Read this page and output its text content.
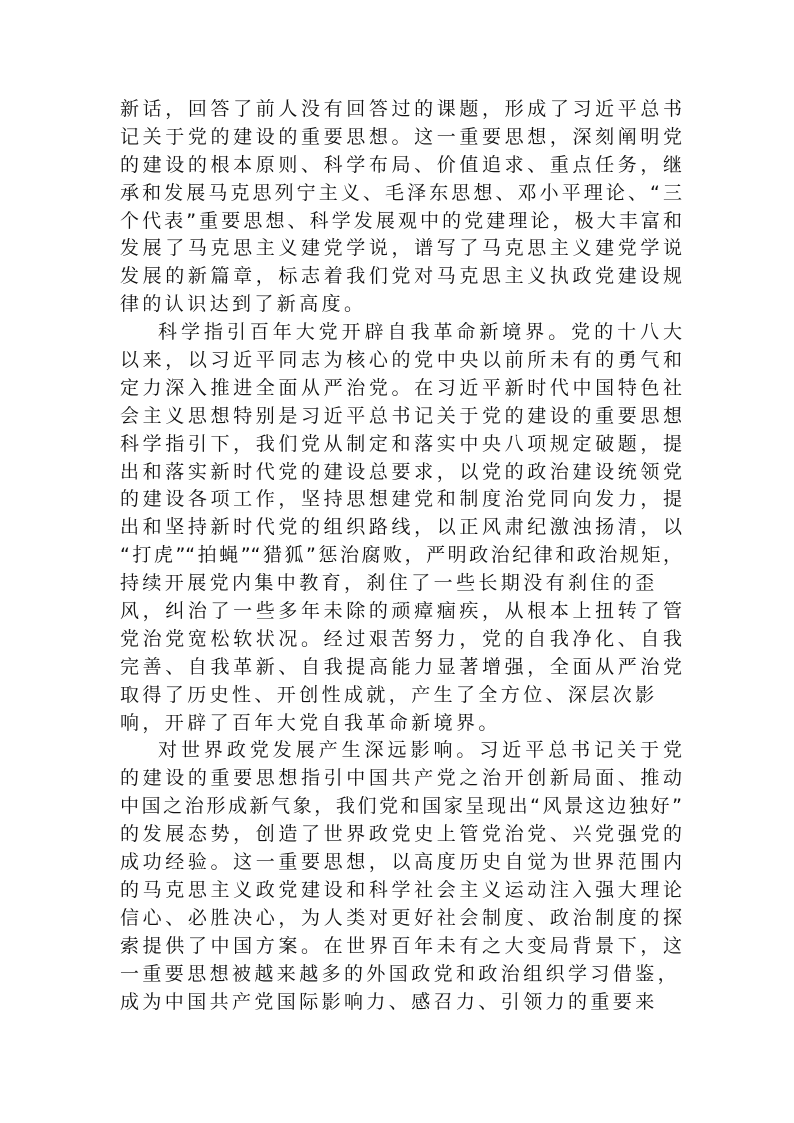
新话，回答了前人没有回答过的课题，形成了习近平总书
记关于党的建设的重要思想。这一重要思想，深刻阐明党
的建设的根本原则、科学布局、价值追求、重点任务，继
承和发展马克思列宁主义、毛泽东思想、邓小平理论、“三
个代表”重要思想、科学发展观中的党建理论，极大丰富和
发展了马克思主义建党学说，谱写了马克思主义建党学说
发展的新篇章，标志着我们党对马克思主义执政党建设规
律的认识达到了新高度。
科学指引百年大党开辟自我革命新境界。党的十八大
以来，以习近平同志为核心的党中央以前所未有的勇气和
定力深入推进全面从严治党。在习近平新时代中国特色社
会主义思想特别是习近平总书记关于党的建设的重要思想
科学指引下，我们党从制定和落实中央八项规定破题，提
出和落实新时代党的建设总要求，以党的政治建设统领党
的建设各项工作，坚持思想建党和制度治党同向发力，提
出和坚持新时代党的组织路线，以正风肃纪激浊扬清，以
“打虎”“拍蝇”“猎狐”惩治腐败，严明政治纪律和政治规矩，
持续开展党内集中教育，刹住了一些长期没有刹住的歪
风，纠治了一些多年未除的顽瘴痼疾，从根本上扭转了管
党治党宽松软状况。经过艰苦努力，党的自我净化、自我
完善、自我革新、自我提高能力显著增强，全面从严治党
取得了历史性、开创性成就，产生了全方位、深层次影
响，开辟了百年大党自我革命新境界。
对世界政党发展产生深远影响。习近平总书记关于党
的建设的重要思想指引中国共产党之治开创新局面、推动
中国之治形成新气象，我们党和国家呈现出“风景这边独好”
的发展态势，创造了世界政党史上管党治党、兴党强党的
成功经验。这一重要思想，以高度历史自觉为世界范围内
的马克思主义政党建设和科学社会主义运动注入强大理论
信心、必胜决心，为人类对更好社会制度、政治制度的探
索提供了中国方案。在世界百年未有之大变局背景下，这
一重要思想被越来越多的外国政党和政治组织学习借鉴，
成为中国共产党国际影响力、感召力、引领力的重要来
